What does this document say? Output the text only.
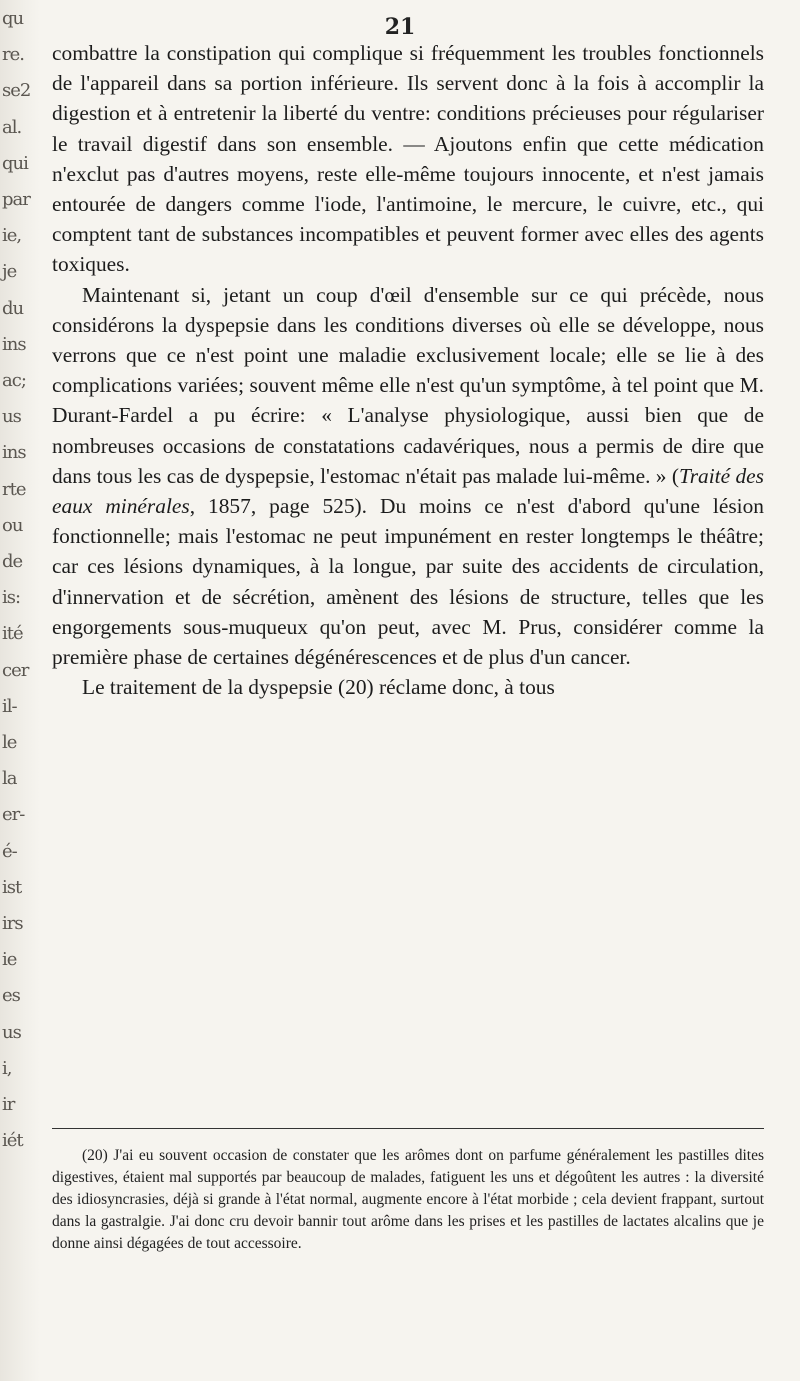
qu
re.
se2
al.
qui
par
ie,
je
du
ins
ac;
us
ins
rte
ou
de
is:
ité
cer
il-
le
la
er-
é-
ist
irs
ie
es
us
i,
ir
iét
21

combattre la constipation qui complique si fréquemment les troubles fonctionnels de l'appareil dans sa portion inférieure. Ils servent donc à la fois à accomplir la digestion et à entretenir la liberté du ventre: conditions précieuses pour régulariser le travail digestif dans son ensemble. — Ajoutons enfin que cette médication n'exclut pas d'autres moyens, reste elle-même toujours innocente, et n'est jamais entourée de dangers comme l'iode, l'antimoine, le mercure, le cuivre, etc., qui comptent tant de substances incompatibles et peuvent former avec elles des agents toxiques.

Maintenant si, jetant un coup d'œil d'ensemble sur ce qui précède, nous considérons la dyspepsie dans les conditions diverses où elle se développe, nous verrons que ce n'est point une maladie exclusivement locale; elle se lie à des complications variées; souvent même elle n'est qu'un symptôme, à tel point que M. Durant-Fardel a pu écrire: « L'analyse physiologique, aussi bien que de nombreuses occasions de constatations cadavériques, nous a permis de dire que dans tous les cas de dyspepsie, l'estomac n'était pas malade lui-même. » (Traité des eaux minérales, 1857, page 525). Du moins ce n'est d'abord qu'une lésion fonctionnelle; mais l'estomac ne peut impunément en rester longtemps le théâtre; car ces lésions dynamiques, à la longue, par suite des accidents de circulation, d'innervation et de sécrétion, amènent des lésions de structure, telles que les engorgements sous-muqueux qu'on peut, avec M. Prus, considérer comme la première phase de certaines dégénérescences et de plus d'un cancer.

Le traitement de la dyspepsie (20) réclame donc, à tous

(20) J'ai eu souvent occasion de constater que les arômes dont on parfume généralement les pastilles dites digestives, étaient mal supportés par beaucoup de malades, fatiguent les uns et dégoûtent les autres : la diversité des idiosyncrasies, déjà si grande à l'état normal, augmente encore à l'état morbide ; cela devient frappant, surtout dans la gastralgie. J'ai donc cru devoir bannir tout arôme dans les prises et les pastilles de lactates alcalins que je donne ainsi dégagées de tout accessoire.
